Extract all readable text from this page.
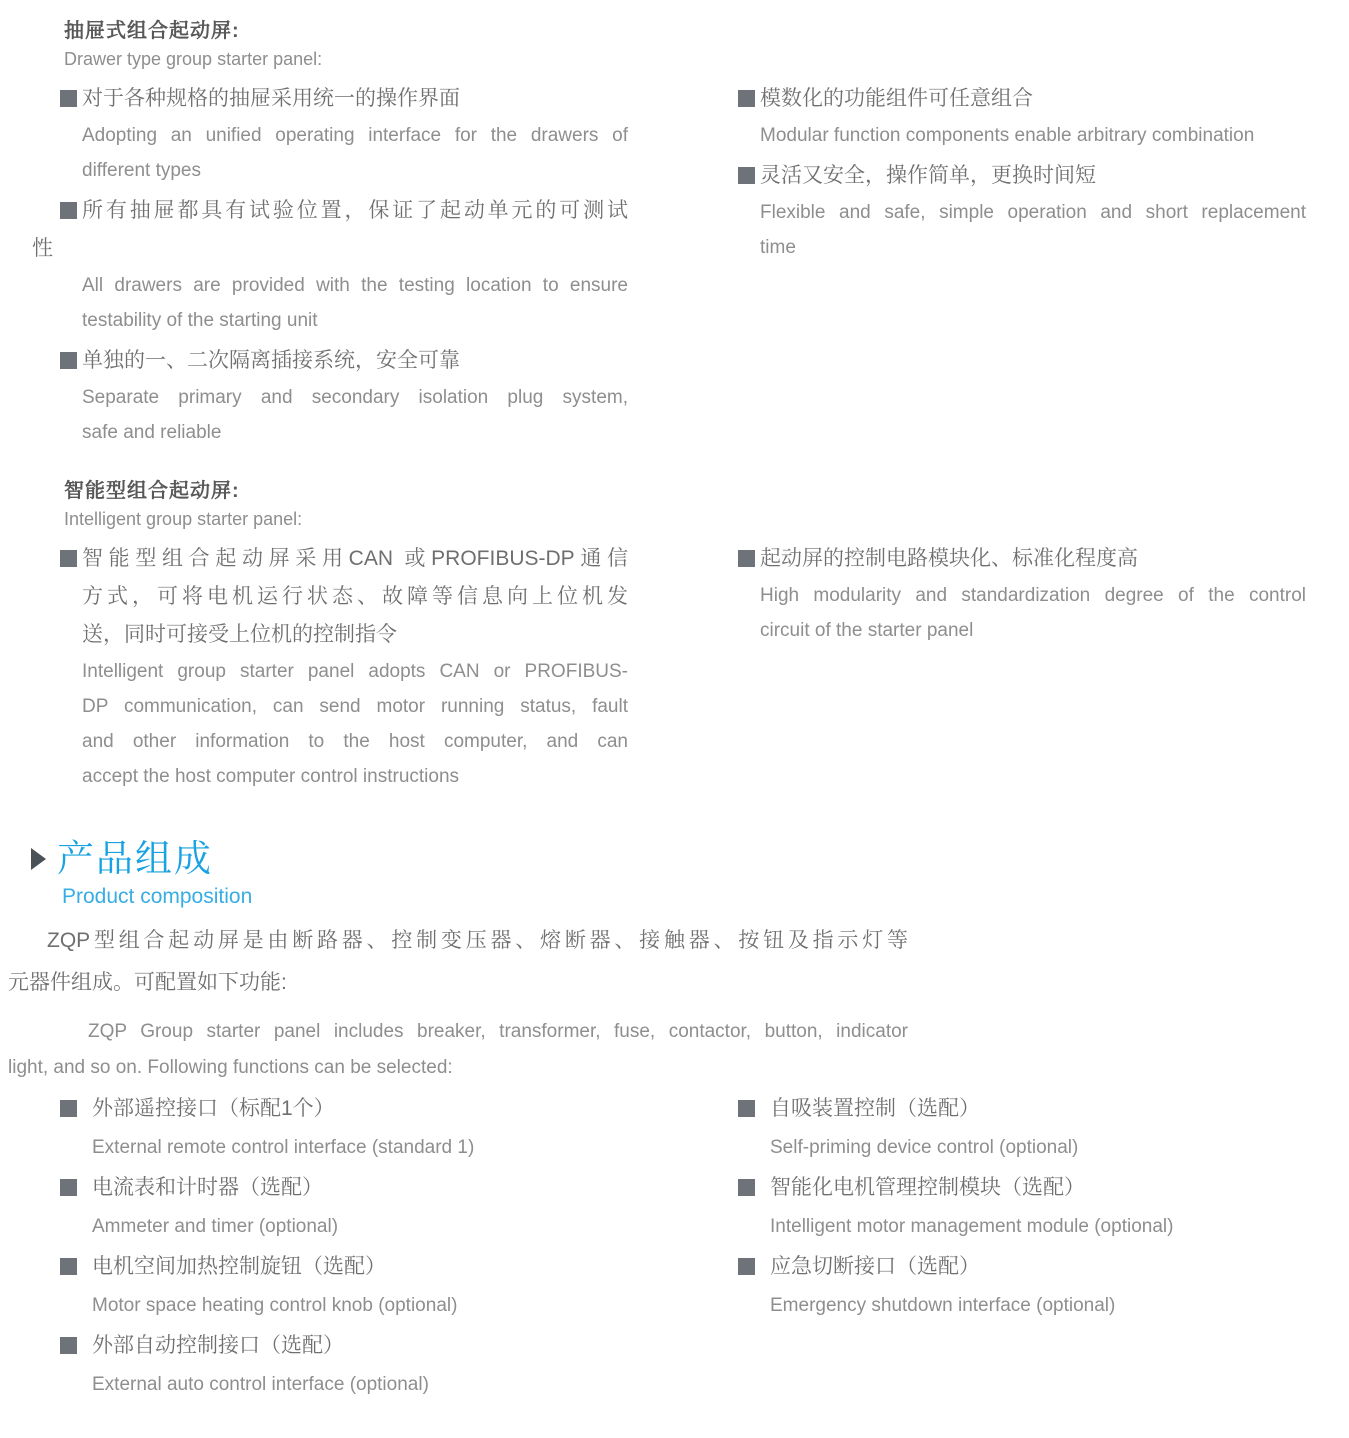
抽屉式组合起动屏:
Drawer type group starter panel:
对于各种规格的抽屉采用统一的操作界面
Adopting an unified operating interface for the drawers of
different types
所有抽屉都具有试验位置，保证了起动单元的可测试
性
All drawers are provided with the testing location to ensure
testability of the starting unit
单独的一、二次隔离插接系统，安全可靠
Separate primary and secondary isolation plug system,
safe and reliable
模数化的功能组件可任意组合
Modular function components enable arbitrary combination
灵活又安全，操作简单，更换时间短
Flexible and safe, simple operation and short replacement
time
智能型组合起动屏:
Intelligent group starter panel:
智能型组合起动屏采用CAN 或PROFIBUS-DP通信
方式，可将电机运行状态、故障等信息向上位机发
送，同时可接受上位机的控制指令
Intelligent group starter panel adopts CAN or PROFIBUS-
DP communication, can send motor running status, fault
and other information to the host computer, and can
accept the host computer control instructions
起动屏的控制电路模块化、标准化程度高
High modularity and standardization degree of the control
circuit of the starter panel
产品组成
Product composition
ZQP型组合起动屏是由断路器、控制变压器、熔断器、接触器、按钮及指示灯等
元器件组成。可配置如下功能:
ZQP Group starter panel includes breaker, transformer, fuse, contactor, button, indicator
light, and so on. Following functions can be selected:
外部遥控接口（标配1个）
External remote control interface (standard 1)
电流表和计时器（选配）
Ammeter and timer (optional)
电机空间加热控制旋钮（选配）
Motor space heating control knob (optional)
外部自动控制接口（选配）
External auto control interface (optional)
自吸装置控制（选配）
Self-priming device control (optional)
智能化电机管理控制模块（选配）
Intelligent motor management module (optional)
应急切断接口（选配）
Emergency shutdown interface (optional)
